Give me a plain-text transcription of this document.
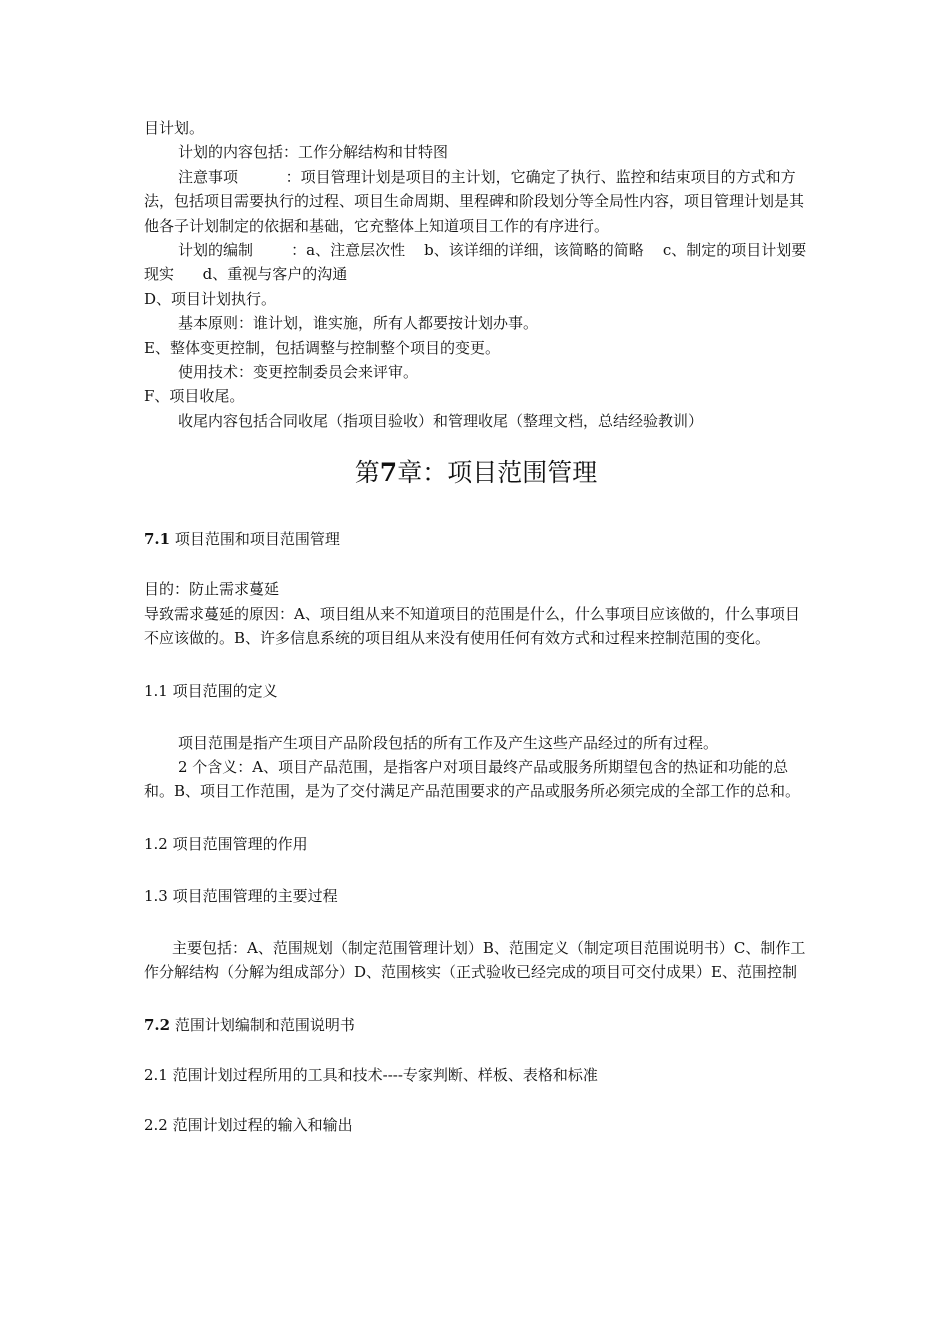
目计划。

计划的内容包括：工作分解结构和甘特图

注意事项          ：项目管理计划是项目的主计划，它确定了执行、监控和结束项目的方式和方法，包括项目需要执行的过程、项目生命周期、里程碑和阶段划分等全局性内容，项目管理计划是其他各子计划制定的依据和基础，它充整体上知道项目工作的有序进行。

计划的编制        ：a、注意层次性    b、该详细的详细，该简略的简略    c、制定的项目计划要现实      d、重视与客户的沟通

D、项目计划执行。

基本原则：谁计划，谁实施，所有人都要按计划办事。

E、整体变更控制，包括调整与控制整个项目的变更。

使用技术：变更控制委员会来评审。

F、项目收尾。

收尾内容包括合同收尾（指项目验收）和管理收尾（整理文档，总结经验教训）

第7章：项目范围管理

7.1 项目范围和项目范围管理

目的：防止需求蔓延

导致需求蔓延的原因：A、项目组从来不知道项目的范围是什么，什么事项目应该做的，什么事项目不应该做的。B、许多信息系统的项目组从来没有使用任何有效方式和过程来控制范围的变化。

1.1 项目范围的定义

项目范围是指产生项目产品阶段包括的所有工作及产生这些产品经过的所有过程。

2 个含义：A、项目产品范围，是指客户对项目最终产品或服务所期望包含的热证和功能的总和。B、项目工作范围，是为了交付满足产品范围要求的产品或服务所必须完成的全部工作的总和。

1.2 项目范围管理的作用

1.3 项目范围管理的主要过程

主要包括：A、范围规划（制定范围管理计划）B、范围定义（制定项目范围说明书）C、制作工作分解结构（分解为组成部分）D、范围核实（正式验收已经完成的项目可交付成果）E、范围控制

7.2 范围计划编制和范围说明书

2.1 范围计划过程所用的工具和技术----专家判断、样板、表格和标准

2.2 范围计划过程的输入和输出
